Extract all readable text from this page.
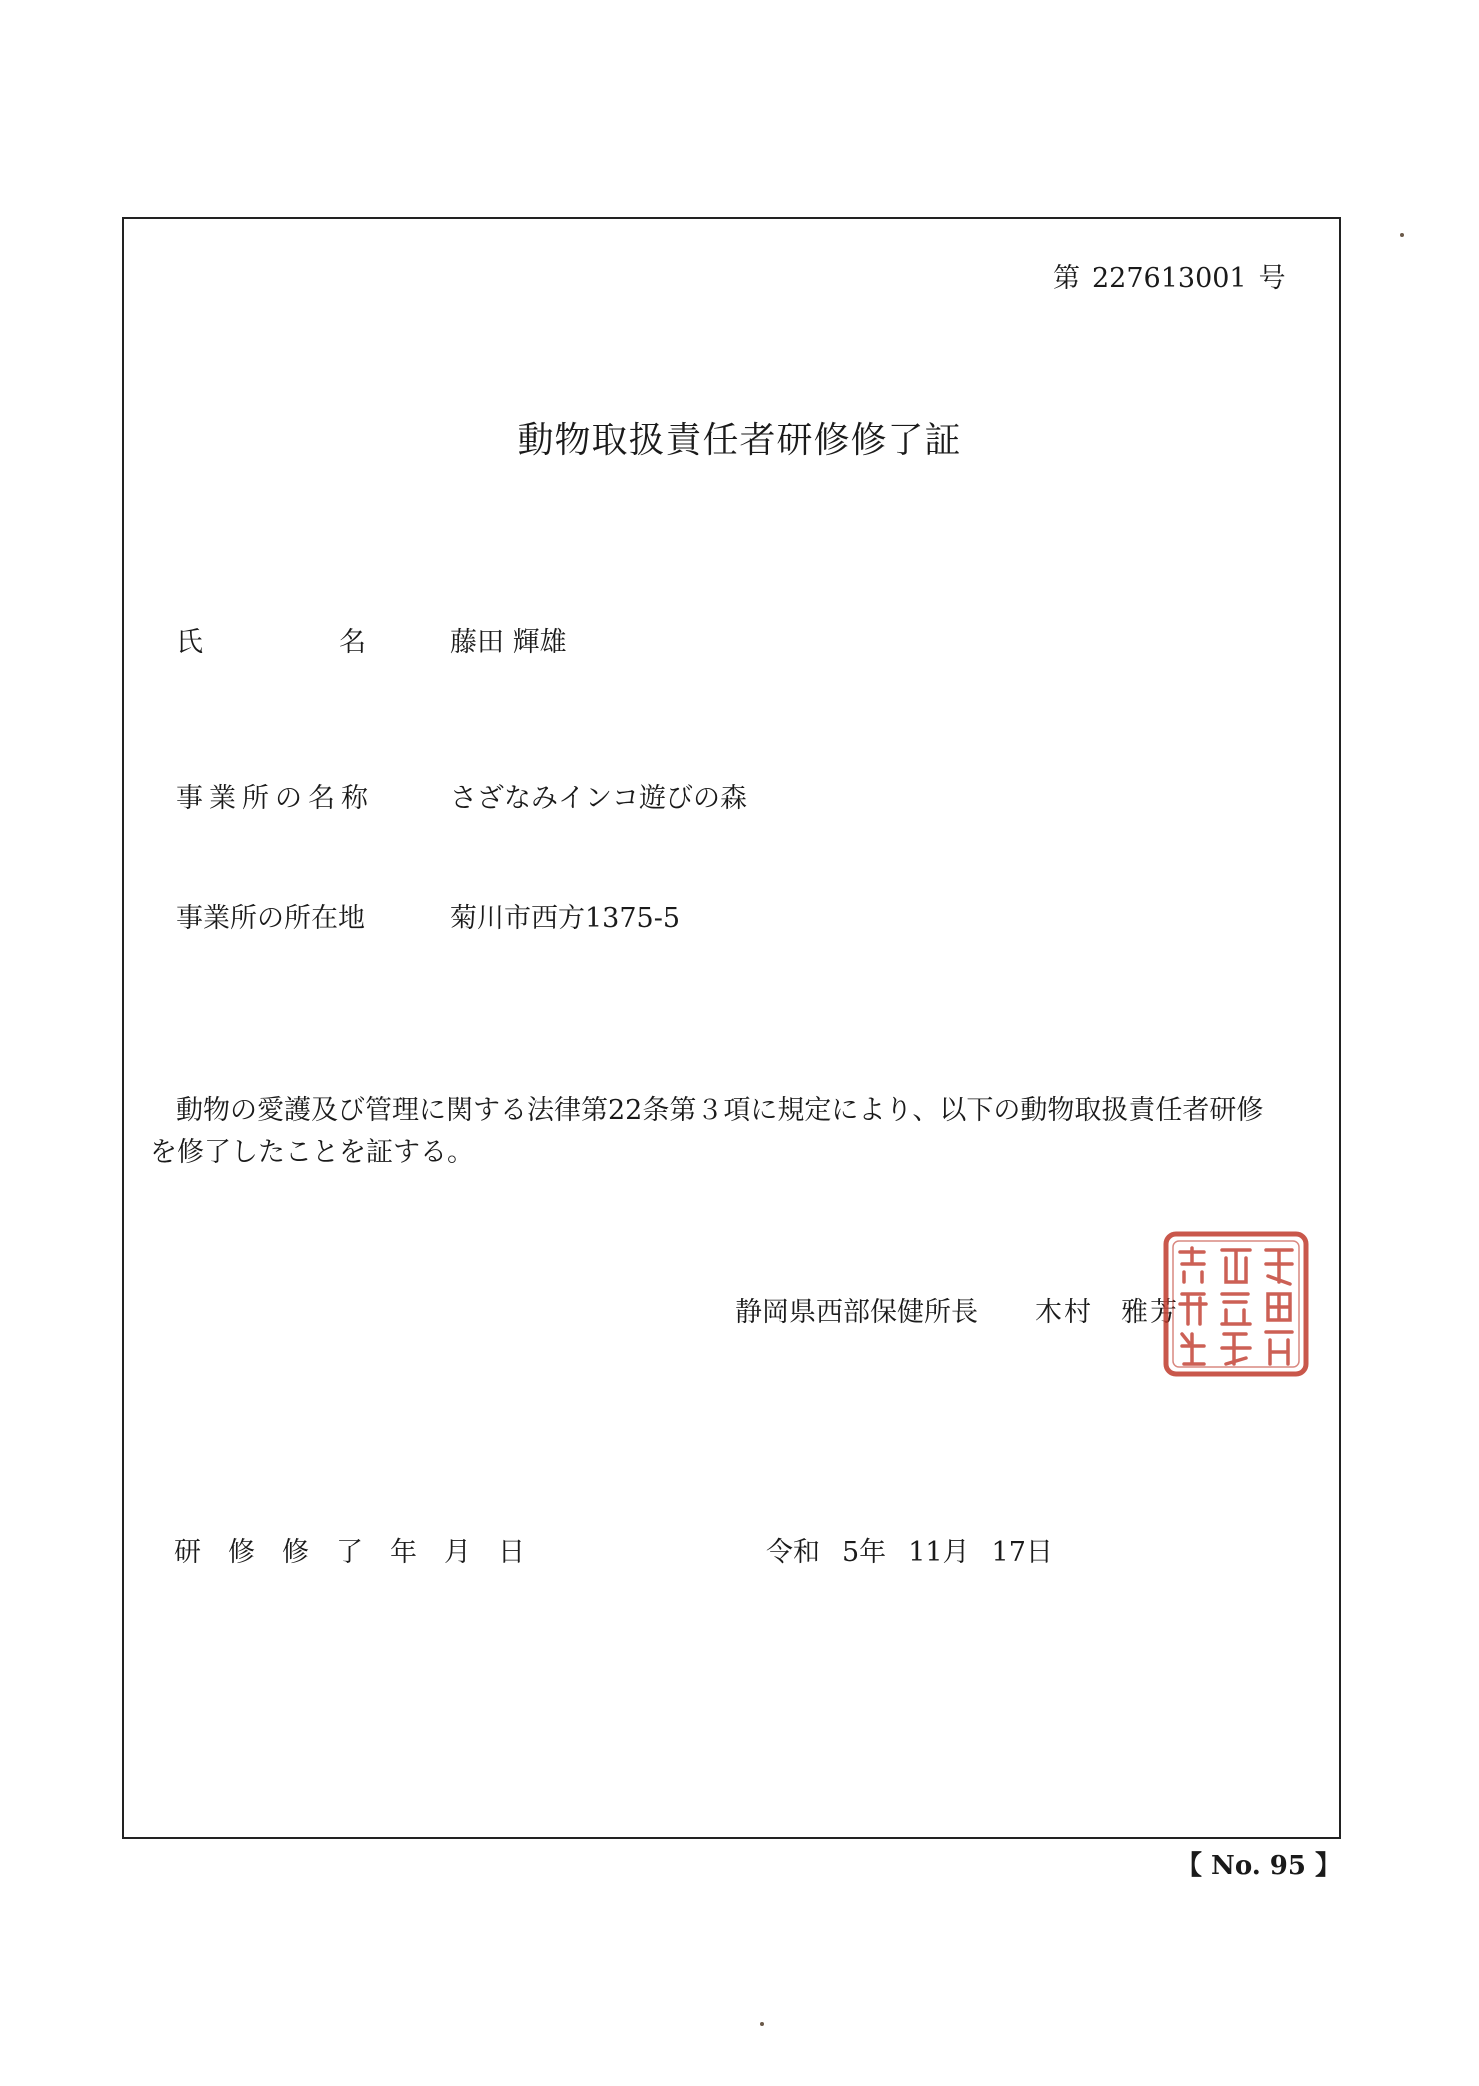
第 227613001 号
動物取扱責任者研修修了証
氏	名	藤田 輝雄
事業所の名称	さざなみインコ遊びの森
事業所の所在地	菊川市西方1375-5
動物の愛護及び管理に関する法律第22条第３項に規定により、以下の動物取扱責任者研修を修了したことを証する。
静岡県西部保健所長 木村 雅芳
研修修了年月日	令和 5年 11月 17日
【 No. 95 】
